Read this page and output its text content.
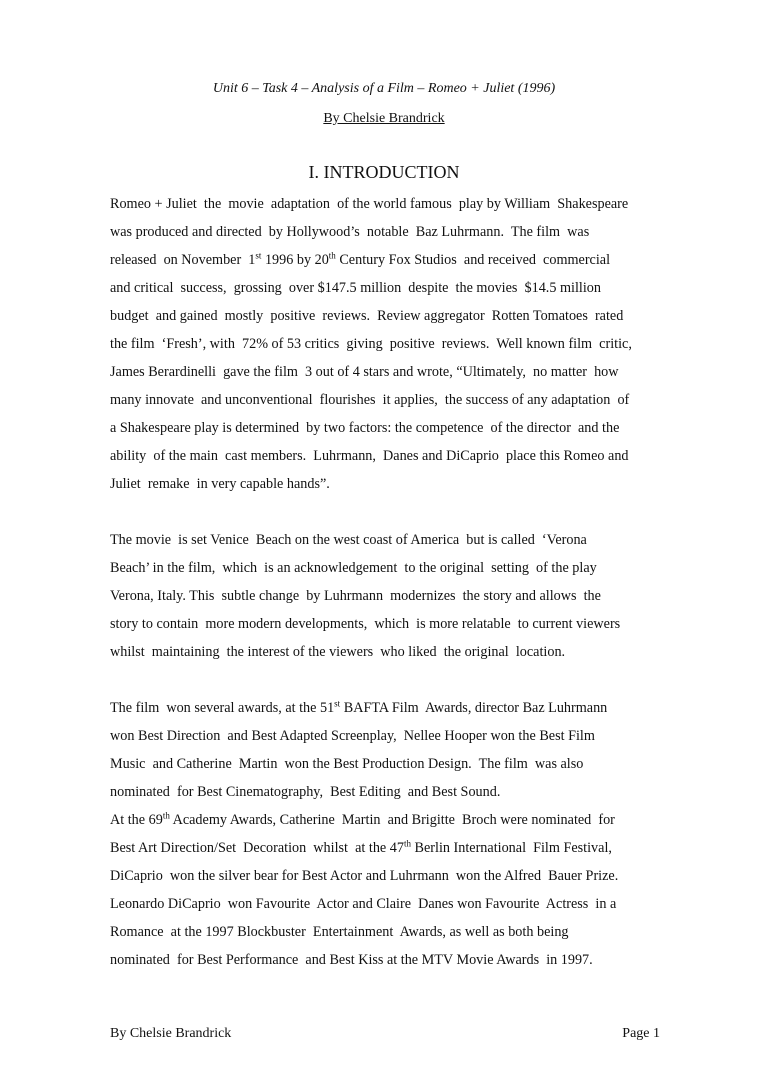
Unit 6 – Task 4 – Analysis of a Film – Romeo + Juliet (1996)
By Chelsie Brandrick
I. INTRODUCTION
Romeo + Juliet  the  movie  adaptation  of the world famous  play by William  Shakespeare
was produced and directed  by Hollywood’s  notable  Baz Luhrmann.  The film  was
released  on November  1st 1996 by 20th Century Fox Studios  and received  commercial
and critical  success,  grossing  over $147.5 million  despite  the movies  $14.5 million
budget  and gained  mostly  positive  reviews.  Review aggregator  Rotten Tomatoes  rated
the film  ‘Fresh’, with  72% of 53 critics  giving  positive  reviews.  Well known film  critic,
James Berardinelli  gave the film  3 out of 4 stars and wrote, “Ultimately,  no matter  how
many innovate  and unconventional  flourishes  it applies,  the success of any adaptation  of
a Shakespeare play is determined  by two factors: the competence  of the director  and the
ability  of the main  cast members.  Luhrmann,  Danes and DiCaprio  place this Romeo and
Juliet  remake  in very capable hands”.
The movie  is set Venice  Beach on the west coast of America  but is called  ‘Verona
Beach’ in the film,  which  is an acknowledgement  to the original  setting  of the play
Verona, Italy. This  subtle change  by Luhrmann  modernizes  the story and allows  the
story to contain  more modern developments,  which  is more relatable  to current viewers
whilst  maintaining  the interest of the viewers  who liked  the original  location.
The film  won several awards, at the 51st BAFTA Film  Awards, director Baz Luhrmann
won Best Direction  and Best Adapted Screenplay,  Nellee Hooper won the Best Film
Music  and Catherine  Martin  won the Best Production Design.  The film  was also
nominated  for Best Cinematography,  Best Editing  and Best Sound.
At the 69th Academy Awards, Catherine  Martin  and Brigitte  Broch were nominated  for
Best Art Direction/Set  Decoration  whilst  at the 47th Berlin International  Film Festival,
DiCaprio  won the silver bear for Best Actor and Luhrmann  won the Alfred  Bauer Prize.
Leonardo DiCaprio  won Favourite  Actor and Claire  Danes won Favourite  Actress  in a
Romance  at the 1997 Blockbuster  Entertainment  Awards, as well as both being
nominated  for Best Performance  and Best Kiss at the MTV Movie Awards  in 1997.
By Chelsie Brandrick	Page 1
